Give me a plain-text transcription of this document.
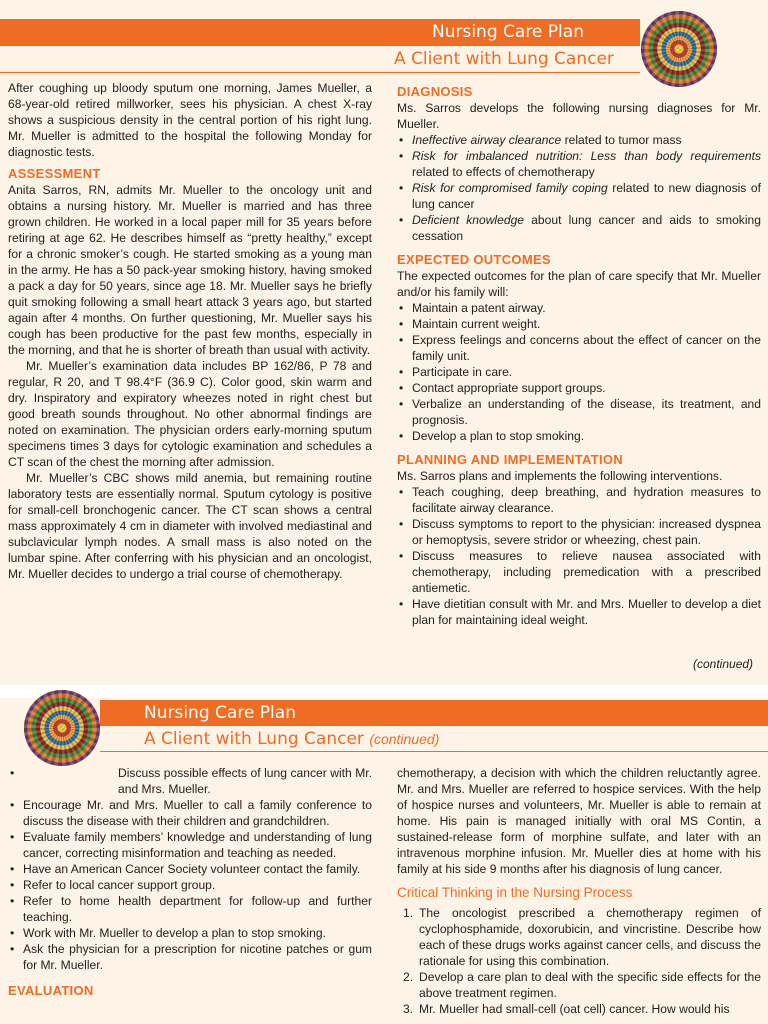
Nursing Care Plan
A Client with Lung Cancer

After coughing up bloody sputum one morning, James Mueller, a 68-year-old retired millworker, sees his physician. A chest X-ray shows a suspicious density in the central portion of his right lung. Mr. Mueller is admitted to the hospital the following Monday for diagnostic tests.

ASSESSMENT

Anita Sarros, RN, admits Mr. Mueller to the oncology unit and obtains a nursing history. Mr. Mueller is married and has three grown children. He worked in a local paper mill for 35 years before retiring at age 62. He describes himself as “pretty healthy,” except for a chronic smoker’s cough. He started smoking as a young man in the army. He has a 50 pack-year smoking history, having smoked a pack a day for 50 years, since age 18. Mr. Mueller says he briefly quit smoking following a small heart attack 3 years ago, but started again after 4 months. On further questioning, Mr. Mueller says his cough has been productive for the past few months, especially in the morning, and that he is shorter of breath than usual with activity.

Mr. Mueller’s examination data includes BP 162/86, P 78 and regular, R 20, and T 98.4°F (36.9 C). Color good, skin warm and dry. Inspiratory and expiratory wheezes noted in right chest but good breath sounds throughout. No other abnormal findings are noted on examination. The physician orders early-morning sputum specimens times 3 days for cytologic examination and schedules a CT scan of the chest the morning after admission.

Mr. Mueller’s CBC shows mild anemia, but remaining routine laboratory tests are essentially normal. Sputum cytology is positive for small-cell bronchogenic cancer. The CT scan shows a central mass approximately 4 cm in diameter with involved mediastinal and subclavicular lymph nodes. A small mass is also noted on the lumbar spine. After conferring with his physician and an oncologist, Mr. Mueller decides to undergo a trial course of chemotherapy.

DIAGNOSIS

Ms. Sarros develops the following nursing diagnoses for Mr. Mueller.

• Ineffective airway clearance related to tumor mass
• Risk for imbalanced nutrition: Less than body requirements related to effects of chemotherapy
• Risk for compromised family coping related to new diagnosis of lung cancer
• Deficient knowledge about lung cancer and aids to smoking cessation
EXPECTED OUTCOMES

The expected outcomes for the plan of care specify that Mr. Mueller and/or his family will:

• Maintain a patent airway.
• Maintain current weight.
• Express feelings and concerns about the effect of cancer on the family unit.
• Participate in care.
• Contact appropriate support groups.
• Verbalize an understanding of the disease, its treatment, and prognosis.
• Develop a plan to stop smoking.
PLANNING AND IMPLEMENTATION

Ms. Sarros plans and implements the following interventions.

• Teach coughing, deep breathing, and hydration measures to facilitate airway clearance.
• Discuss symptoms to report to the physician: increased dyspnea or hemoptysis, severe stridor or wheezing, chest pain.
• Discuss measures to relieve nausea associated with chemotherapy, including premedication with a prescribed antiemetic.
• Have dietitian consult with Mr. and Mrs. Mueller to develop a diet plan for maintaining ideal weight.
(continued)
Nursing Care Plan
A Client with Lung Cancer (continued)
• Discuss possible effects of lung cancer with Mr. and Mrs. Mueller.
• Encourage Mr. and Mrs. Mueller to call a family conference to discuss the disease with their children and grandchildren.
• Evaluate family members’ knowledge and understanding of lung cancer, correcting misinformation and teaching as needed.
• Have an American Cancer Society volunteer contact the family.
• Refer to local cancer support group.
• Refer to home health department for follow-up and further teaching.
• Work with Mr. Mueller to develop a plan to stop smoking.
• Ask the physician for a prescription for nicotine patches or gum for Mr. Mueller.
EVALUATION

chemotherapy, a decision with which the children reluctantly agree. Mr. and Mrs. Mueller are referred to hospice services. With the help of hospice nurses and volunteers, Mr. Mueller is able to remain at home. His pain is managed initially with oral MS Contin, a sustained-release form of morphine sulfate, and later with an intravenous morphine infusion. Mr. Mueller dies at home with his family at his side 9 months after his diagnosis of lung cancer.

Critical Thinking in the Nursing Process
1. The oncologist prescribed a chemotherapy regimen of cyclophosphamide, doxorubicin, and vincristine. Describe how each of these drugs works against cancer cells, and discuss the rationale for using this combination.
2. Develop a care plan to deal with the specific side effects for the above treatment regimen.
3. Mr. Mueller had small-cell (oat cell) cancer. How would his
